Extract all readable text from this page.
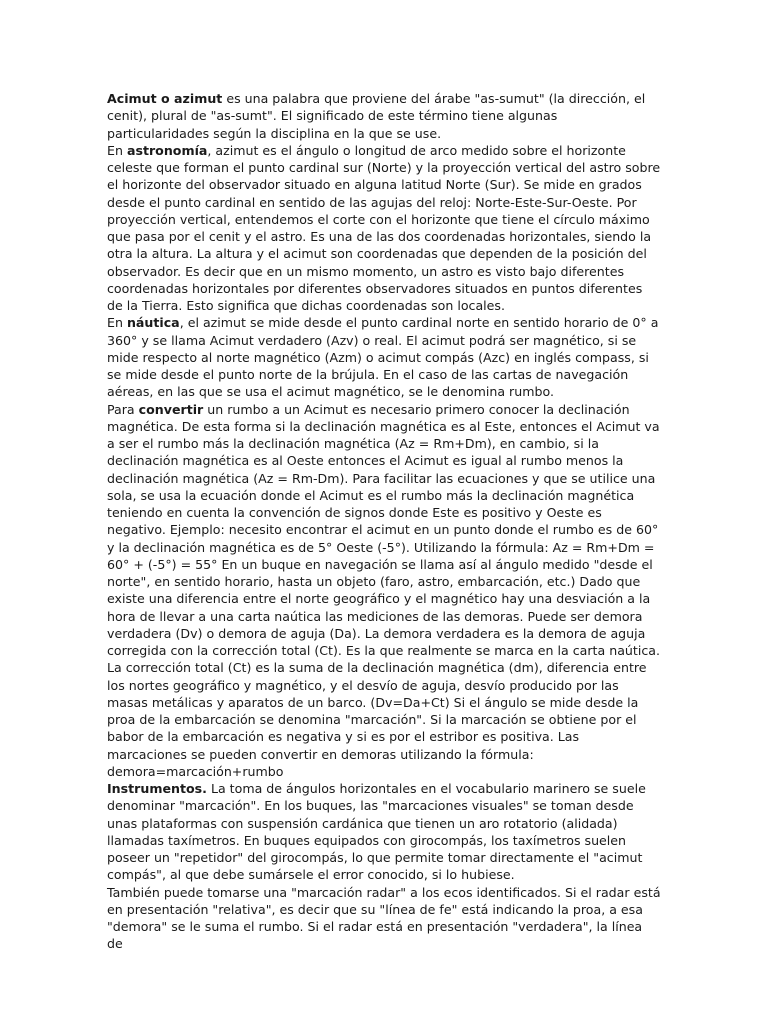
Acimut o azimut es una palabra que proviene del árabe "as-sumut" (la dirección, el cenit), plural de "as-sumt". El significado de este término tiene algunas particularidades según la disciplina en la que se use.

En astronomía, azimut es el ángulo o longitud de arco medido sobre el horizonte celeste que forman el punto cardinal sur (Norte) y la proyección vertical del astro sobre el horizonte del observador situado en alguna latitud Norte (Sur). Se mide en grados desde el punto cardinal en sentido de las agujas del reloj: Norte-Este-Sur-Oeste. Por proyección vertical, entendemos el corte con el horizonte que tiene el círculo máximo que pasa por el cenit y el astro. Es una de las dos coordenadas horizontales, siendo la otra la altura. La altura y el acimut son coordenadas que dependen de la posición del observador. Es decir que en un mismo momento, un astro es visto bajo diferentes coordenadas horizontales por diferentes observadores situados en puntos diferentes de la Tierra. Esto significa que dichas coordenadas son locales.

En náutica, el azimut se mide desde el punto cardinal norte en sentido horario de 0° a 360° y se llama Acimut verdadero (Azv) o real. El acimut podrá ser magnético, si se mide respecto al norte magnético (Azm) o acimut compás (Azc) en inglés compass, si se mide desde el punto norte de la brújula. En el caso de las cartas de navegación aéreas, en las que se usa el acimut magnético, se le denomina rumbo.

Para convertir un rumbo a un Acimut es necesario primero conocer la declinación magnética. De esta forma si la declinación magnética es al Este, entonces el Acimut va a ser el rumbo más la declinación magnética (Az = Rm+Dm), en cambio, si la declinación magnética es al Oeste entonces el Acimut es igual al rumbo menos la declinación magnética (Az = Rm-Dm). Para facilitar las ecuaciones y que se utilice una sola, se usa la ecuación donde el Acimut es el rumbo más la declinación magnética teniendo en cuenta la convención de signos donde Este es positivo y Oeste es negativo. Ejemplo: necesito encontrar el acimut en un punto donde el rumbo es de 60° y la declinación magnética es de 5° Oeste (-5°). Utilizando la fórmula: Az = Rm+Dm = 60° + (-5°) = 55° En un buque en navegación se llama así al ángulo medido "desde el norte", en sentido horario, hasta un objeto (faro, astro, embarcación, etc.) Dado que existe una diferencia entre el norte geográfico y el magnético hay una desviación a la hora de llevar a una carta naútica las mediciones de las demoras. Puede ser demora verdadera (Dv) o demora de aguja (Da). La demora verdadera es la demora de aguja corregida con la corrección total (Ct). Es la que realmente se marca en la carta naútica. La corrección total (Ct) es la suma de la declinación magnética (dm), diferencia entre los nortes geográfico y magnético, y el desvío de aguja, desvío producido por las masas metálicas y aparatos de un barco. (Dv=Da+Ct) Si el ángulo se mide desde la proa de la embarcación se denomina "marcación". Si la marcación se obtiene por el babor de la embarcación es negativa y si es por el estribor es positiva. Las marcaciones se pueden convertir en demoras utilizando la fórmula: demora=marcación+rumbo

Instrumentos. La toma de ángulos horizontales en el vocabulario marinero se suele denominar "marcación". En los buques, las "marcaciones visuales" se toman desde unas plataformas con suspensión cardánica que tienen un aro rotatorio (alidada) llamadas taxímetros. En buques equipados con girocompás, los taxímetros suelen poseer un "repetidor" del girocompás, lo que permite tomar directamente el "acimut compás", al que debe sumársele el error conocido, si lo hubiese.

También puede tomarse una "marcación radar" a los ecos identificados. Si el radar está en presentación "relativa", es decir que su "línea de fe" está indicando la proa, a esa "demora" se le suma el rumbo. Si el radar está en presentación "verdadera", la línea de
